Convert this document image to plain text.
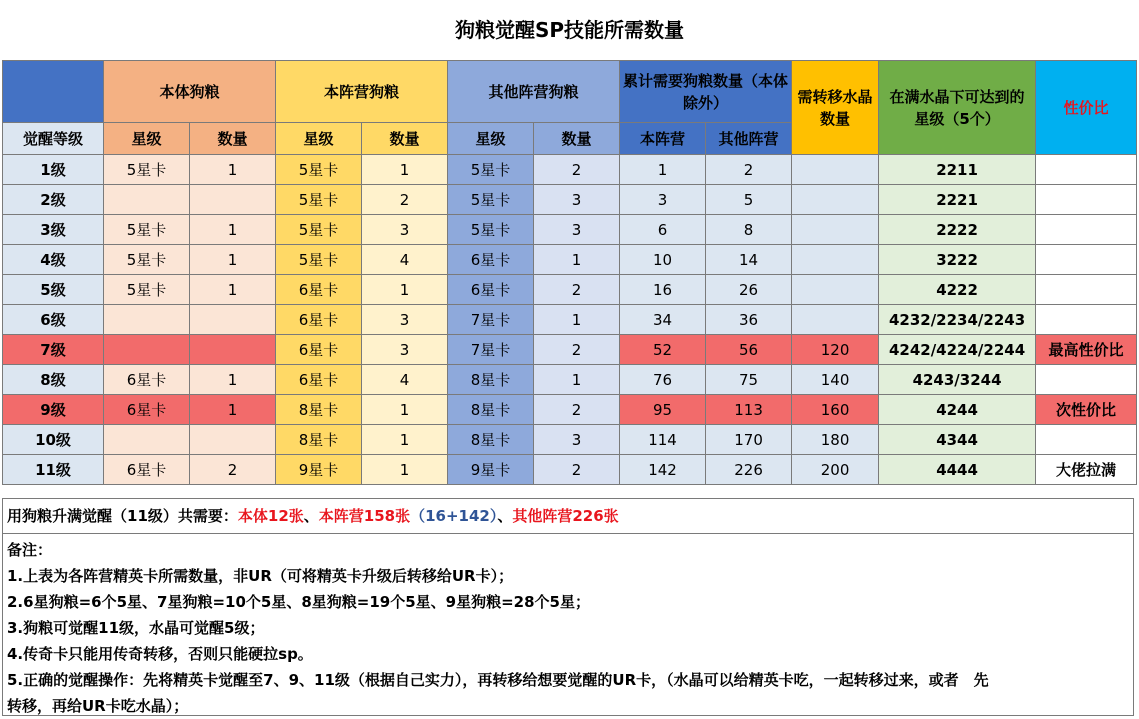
狗粮觉醒SP技能所需数量
	本体狗粮		本阵营狗粮		其他阵营狗粮		累计需要狗粮数量（本体除外）		需转移水晶数量	在满水晶下可达到的星级（5个）	性价比
觉醒等级	星级	数量	星级	数量	星级	数量	本阵营	其他阵营			
1级	5星卡	1	5星卡	1	5星卡	2	1	2		2211	
2级			5星卡	2	5星卡	3	3	5		2221	
3级	5星卡	1	5星卡	3	5星卡	3	6	8		2222	
4级	5星卡	1	5星卡	4	6星卡	1	10	14		3222	
5级	5星卡	1	6星卡	1	6星卡	2	16	26		4222	
6级			6星卡	3	7星卡	1	34	36		4232/2234/2243	
7级			6星卡	3	7星卡	2	52	56	120	4242/4224/2244	最高性价比
8级	6星卡	1	6星卡	4	8星卡	1	76	75	140	4243/3244	
9级	6星卡	1	8星卡	1	8星卡	2	95	113	160	4244	次性价比
10级			8星卡	1	8星卡	3	114	170	180	4344	
11级	6星卡	2	9星卡	1	9星卡	2	142	226	200	4444	大佬拉满
用狗粮升满觉醒（11级）共需要：本体12张、本阵营158张（16+142）、其他阵营226张
备注：
1.上表为各阵营精英卡所需数量，非UR（可将精英卡升级后转移给UR卡）；
2.6星狗粮=6个5星、7星狗粮=10个5星、8星狗粮=19个5星、9星狗粮=28个5星；
3.狗粮可觉醒11级，水晶可觉醒5级；
4.传奇卡只能用传奇转移，否则只能硬拉sp。
5.正确的觉醒操作：先将精英卡觉醒至7、9、11级（根据自己实力），再转移给想要觉醒的UR卡，（水晶可以给精英卡吃，一起转移过来，或者　先
转移，再给UR卡吃水晶）；
